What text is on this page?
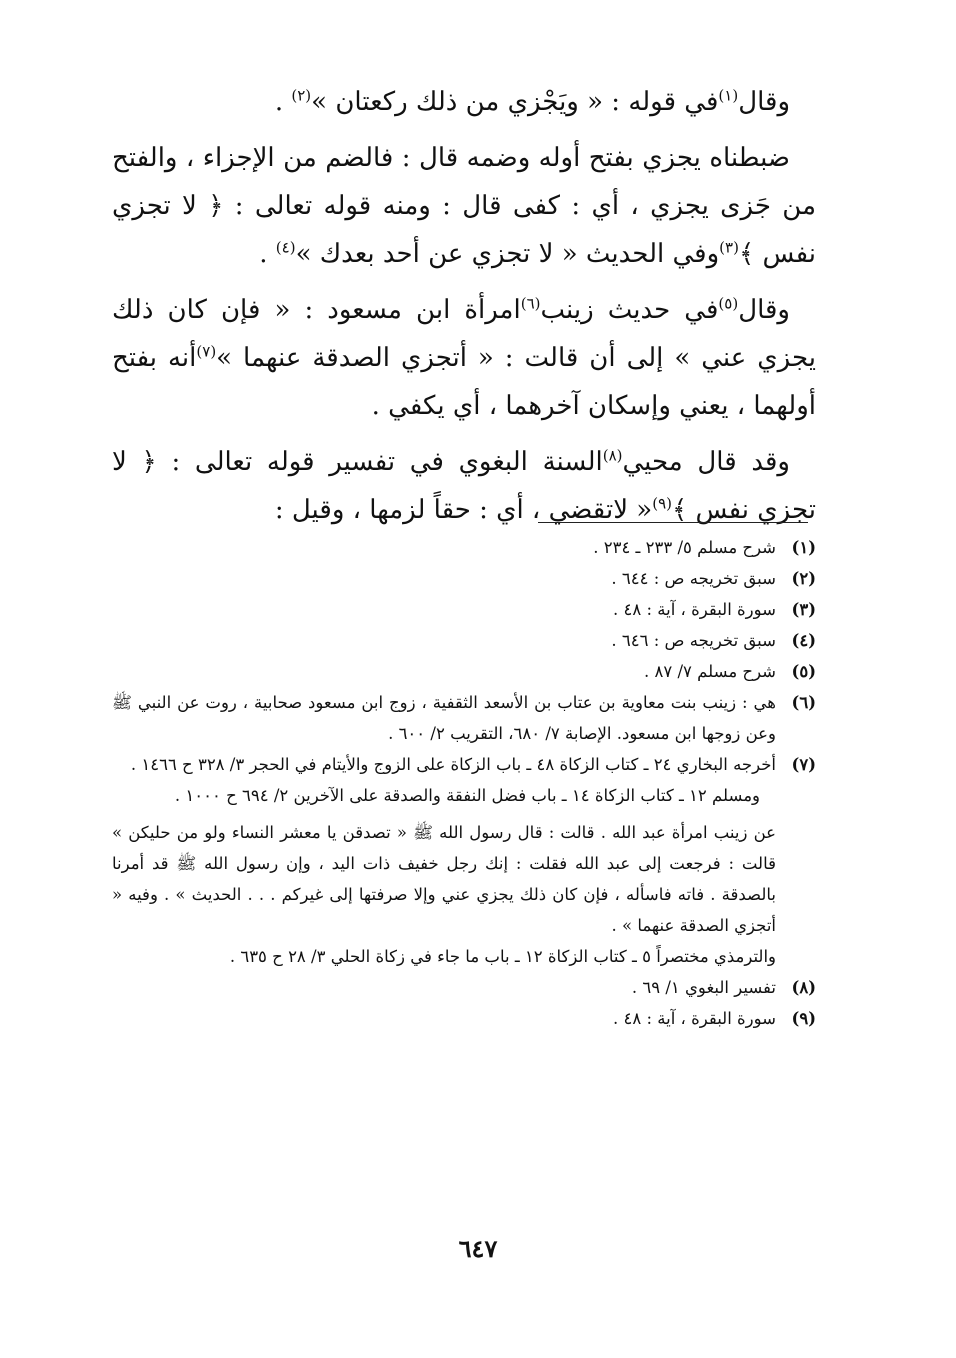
وقال$^{(١)}$في قوله : « ويَجْزي من ذلك ركعتان »$^{(٢)}$ .

ضبطناه يجزي بفتح أوله وضمه قال : فالضم من الإجزاء ، والفتح من جَزى يجزي ، أي : كفى قال : ومنه قوله تعالى : ﴿ لا تجزي نفس ﴾$^{(٣)}$وفي الحديث « لا تجزي عن أحد بعدك »$^{(٤)}$ .

وقال$^{(٥)}$في حديث زينب$^{(٦)}$امرأة ابن مسعود : « فإن كان ذلك يجزي عني » إلى أن قالت : « أتجزي الصدقة عنهما »$^{(٧)}$أنه بفتح أولهما ، يعني وإسكان آخرهما ، أي يكفي .

وقد قال محيي$^{(٨)}$السنة البغوي في تفسير قوله تعالى : ﴿ لا تجزي نفس ﴾$^{(٩)}$« لاتقضي ، أي : حقاً لزمها ، وقيل :

(١)
شرح مسلم ٥/ ٢٣٣ ـ ٢٣٤ .
(٢)
سبق تخريجه ص : ٦٤٤ .
(٣)
سورة البقرة ، آية : ٤٨ .
(٤)
سبق تخريجه ص : ٦٤٦ .
(٥)
شرح مسلم ٧/ ٨٧ .
(٦)
هي : زينب بنت معاوية بن عتاب بن الأسعد الثقفية ، زوج ابن مسعود صحابية ، روت عن النبي ﷺ وعن زوجها ابن مسعود. الإصابة ٧/ ٦٨٠، التقريب ٢/ ٦٠٠ .
(٧)
أخرجه البخاري ٢٤ ـ كتاب الزكاة ٤٨ ـ باب الزكاة على الزوج والأيتام في الحجر ٣/ ٣٢٨ ح ١٤٦٦ .

ومسلم ١٢ ـ كتاب الزكاة ١٤ ـ باب فضل النفقة والصدقة على الآخرين ٢/ ٦٩٤ ح ١٠٠٠ .

عن زينب امرأة عبد الله . قالت : قال رسول الله ﷺ « تصدقن يا معشر النساء ولو من حليكن » قالت : فرجعت إلى عبد الله فقلت : إنك رجل خفيف ذات اليد ، وإن رسول الله ﷺ قد أمرنا بالصدقة . فاته فاسأله ، فإن كان ذلك يجزي عني وإلا صرفتها إلى غيركم . . . الحديث » . وفيه « أتجزي الصدقة عنهما » .

والترمذي مختصراً ٥ ـ كتاب الزكاة ١٢ ـ باب ما جاء في زكاة الحلي ٣/ ٢٨ ح ٦٣٥ .

(٨)
تفسير البغوي ١/ ٦٩ .
(٩)
سورة البقرة ، آية : ٤٨ .
٦٤٧
